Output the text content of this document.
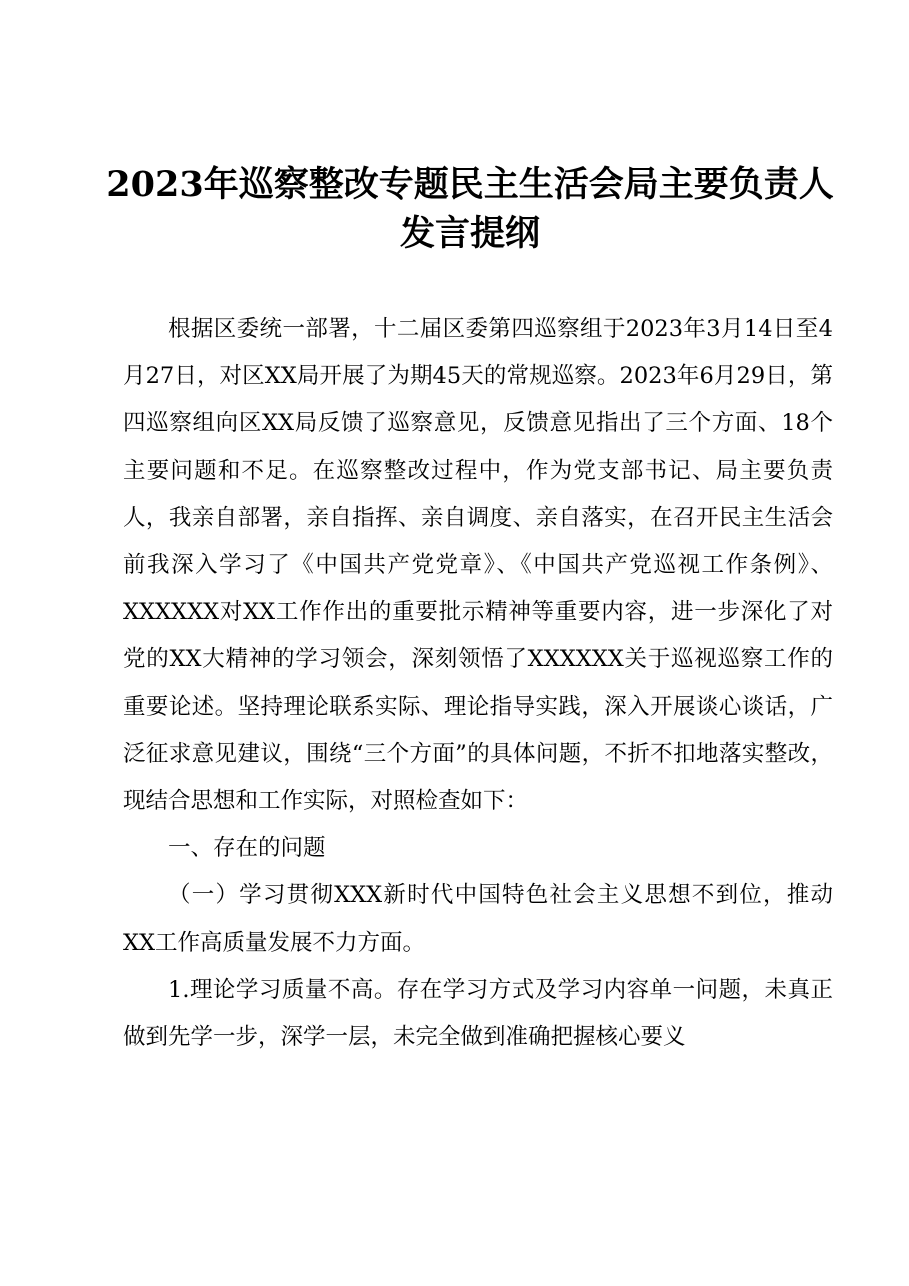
2023年巡察整改专题民主生活会局主要负责人发言提纲

根据区委统一部署，十二届区委第四巡察组于2023年3月14日至4月27日，对区XX局开展了为期45天的常规巡察。2023年6月29日，第四巡察组向区XX局反馈了巡察意见，反馈意见指出了三个方面、18个主要问题和不足。在巡察整改过程中，作为党支部书记、局主要负责人，我亲自部署，亲自指挥、亲自调度、亲自落实，在召开民主生活会前我深入学习了《中国共产党党章》、《中国共产党巡视工作条例》、XXXXXX对XX工作作出的重要批示精神等重要内容，进一步深化了对党的XX大精神的学习领会，深刻领悟了XXXXXX关于巡视巡察工作的重要论述。坚持理论联系实际、理论指导实践，深入开展谈心谈话，广泛征求意见建议，围绕“三个方面”的具体问题，不折不扣地落实整改，现结合思想和工作实际，对照检查如下：

一、存在的问题

（一）学习贯彻XXX新时代中国特色社会主义思想不到位，推动XX工作高质量发展不力方面。

1.理论学习质量不高。存在学习方式及学习内容单一问题，未真正做到先学一步，深学一层，未完全做到准确把握核心要义
